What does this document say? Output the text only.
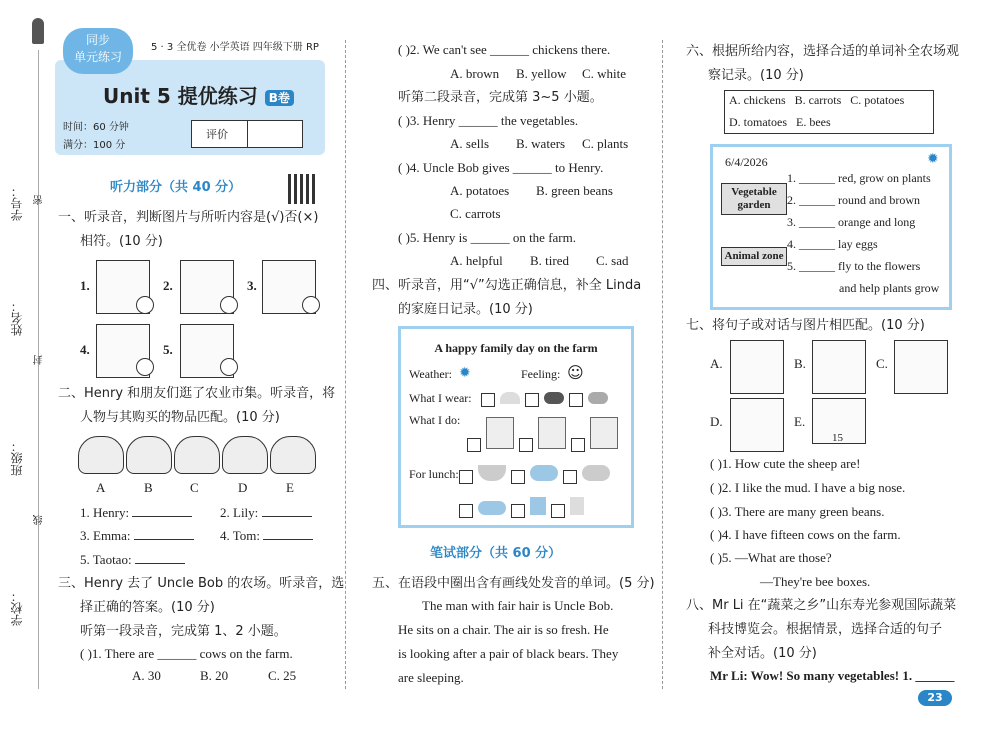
学校：
班级：
姓名：
学号： 密
封
线
同步
单元练习
5 · 3 全优卷 小学英语 四年级下册 RP
Unit 5 提优练习 B卷
时间：60 分钟
满分：100 分
评价
听力部分（共 40 分）
一、听录音，判断图片与所听内容是(√)否(×)
相符。(10 分)
1.	2.	3.
4.	5.
二、Henry 和朋友们逛了农业市集。听录音，将
人物与其购买的物品匹配。(10 分)
A	B	C	D	E
1. Henry:	2. Lily:
3. Emma:	4. Tom:
5. Taotao:
三、Henry 去了 Uncle Bob 的农场。听录音，选
择正确的答案。(10 分)
听第一段录音，完成第 1、2 小题。
( )1. There are ______ cows on the farm.
A. 30	B. 20	C. 25
( )2. We can't see ______ chickens there.
A. brown B. yellow C. white
听第二段录音，完成第 3~5 小题。
( )3. Henry ______ the vegetables.
A. sells B. waters C. plants
( )4. Uncle Bob gives ______ to Henry.
A. potatoes B. green beans
C. carrots
( )5. Henry is ______ on the farm.
A. helpful B. tired C. sad
四、听录音，用“√”勾选正确信息，补全 Linda
的家庭日记录。(10 分)
A happy family day on the farm
Weather: ✹	Feeling: ☺
What I wear:

What I do:

For lunch:

笔试部分（共 60 分）
五、在语段中圈出含有画线处发音的单词。(5 分)
The man with fair hair is Uncle Bob.
He sits on a chair. The air is so fresh. He
is looking after a pair of black bears. They
are sleeping.
六、根据所给内容，选择合适的单词补全农场观
察记录。(10 分)
A. chickens   B. carrots   C. potatoes
D. tomatoes   E. bees
6/4/2026	✹
Vegetable garden
Animal zone
1. ______ red, grow on plants
2. ______ round and brown
3. ______ orange and long
4. ______ lay eggs
5. ______ fly to the flowers
and help plants grow
七、将句子或对话与图片相匹配。(10 分)
A.	B.	C.
D.	E.
15
( )1. How cute the sheep are!
( )2. I like the mud. I have a big nose.
( )3. There are many green beans.
( )4. I have fifteen cows on the farm.
( )5. —What are those?
—They're bee boxes.
八、Mr Li 在“蔬菜之乡”山东寿光参观国际蔬菜
科技博览会。根据情景，选择合适的句子
补全对话。(10 分)
Mr Li: Wow! So many vegetables! 1. ______
23
